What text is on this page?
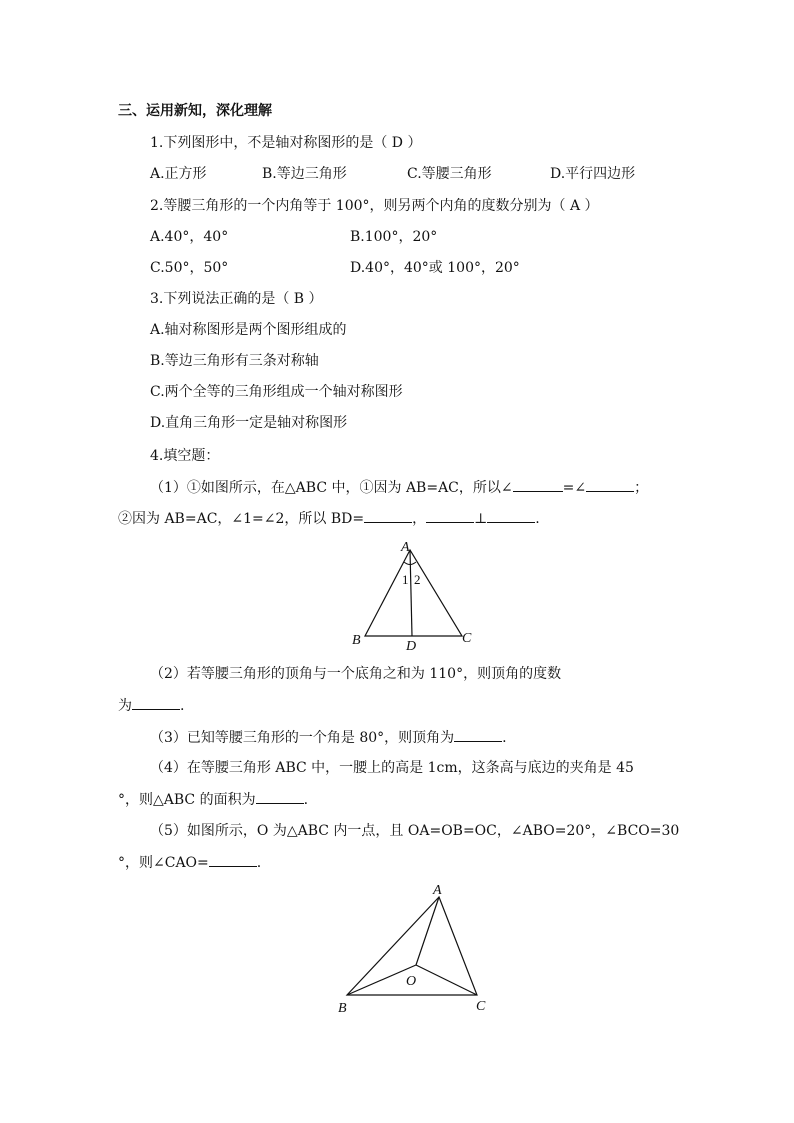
三、运用新知，深化理解
1.下列图形中，不是轴对称图形的是（ D ）
A.正方形	B.等边三角形	C.等腰三角形	D.平行四边形
2.等腰三角形的一个内角等于 100°，则另两个内角的度数分别为（ A ）
A.40°，40°	B.100°，20°
C.50°，50°	D.40°，40°或 100°，20°
3.下列说法正确的是（ B ）
A.轴对称图形是两个图形组成的
B.等边三角形有三条对称轴
C.两个全等的三角形组成一个轴对称图形
D.直角三角形一定是轴对称图形
4.填空题：
（1）①如图所示，在△ABC 中，①因为 AB=AC，所以∠	=∠	；
②因为 AB=AC，∠1=∠2，所以 BD=	，	⊥	.
A
B	C
D
1 2
（2）若等腰三角形的顶角与一个底角之和为 110°，则顶角的度数
为	.
（3）已知等腰三角形的一个角是 80°，则顶角为	.
（4）在等腰三角形 ABC 中，一腰上的高是 1cm，这条高与底边的夹角是 45
°，则△ABC 的面积为	.
（5）如图所示，O 为△ABC 内一点，且 OA=OB=OC，∠ABO=20°，∠BCO=30
°，则∠CAO=	.
A
B	C
O
